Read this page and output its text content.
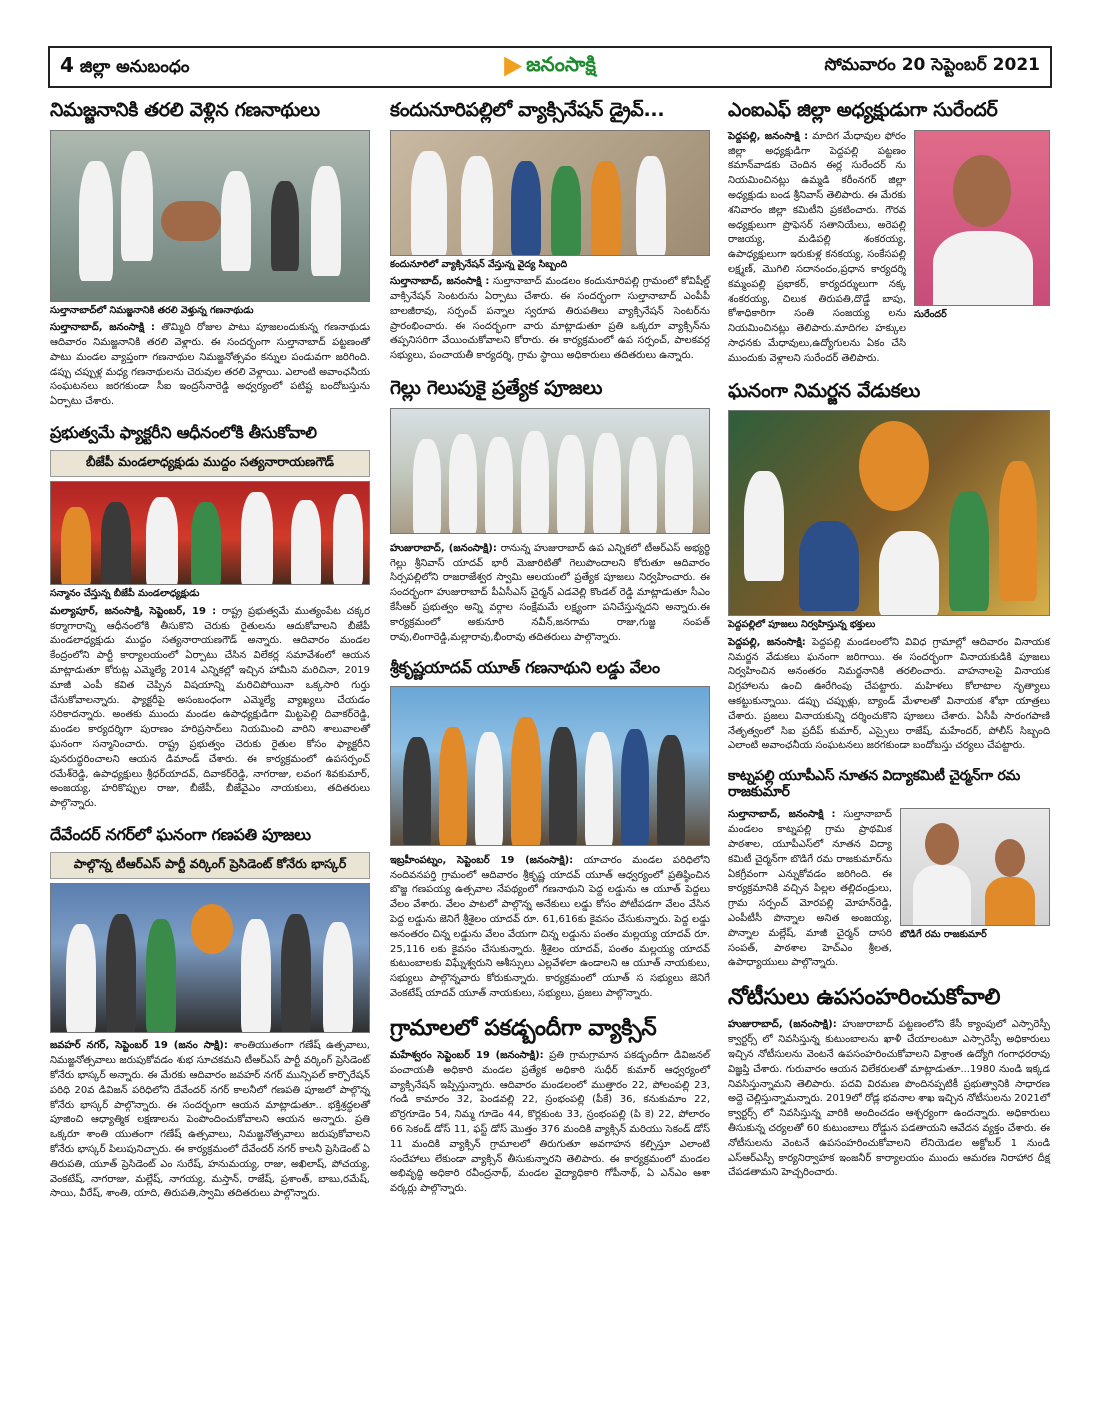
4 జిల్లా అనుబంధం	జనంసాక్షి	సోమవారం 20 సెప్టెంబర్ 2021
నిమజ్జనానికి తరలి వెళ్లిన గణనాథులు
సుల్తానాబాద్‌లో నిమజ్జనానికి తరలి వెళ్తున్న గణనాథుడు
సుల్తానాబాద్, జనంసాక్షి : తొమ్మిది రోజుల పాటు పూజలందుకున్న గణనాథుడు ఆదివారం నిమజ్జనానికి తరలి వెళ్లారు. ఈ సందర్భంగా సుల్తానాబాద్ పట్టణంతో పాటు మండల వ్యాప్తంగా గణనాథుల నిమజ్జనోత్సవం కన్నుల పండువగా జరిగింది. డప్పు చప్పుళ్ల మధ్య గణనాథులను చెరువుల తరలి వెళ్లాయి. ఎలాంటి అవాంఛనీయ సంఘటనలు జరగకుండా సీఐ ఇంద్రసేనారెడ్డి అధ్వర్యంలో పటిష్ట బందోబస్తును ఏర్పాటు చేశారు.
ప్రభుత్వమే ఫ్యాక్టరీని ఆధీనంలోకి తీసుకోవాలి
బీజేపీ మండలాధ్యక్షుడు ముద్దం సత్యనారాయణగౌడ్
సన్మానం చేస్తున్న బీజేపీ మండలాధ్యక్షుడు
మల్యాపూర్, జనంసాక్షి, సెప్టెంబర్, 19 : రాష్ట్ర ప్రభుత్వమే ముత్యంపేట చక్కర కర్మాగారాన్ని ఆధీనంలోకి తీసుకొని చెరుకు రైతులను ఆదుకోవాలని బీజేపీ మండలాధ్యక్షుడు ముద్దం సత్యనారాయణగౌడ్ అన్నారు. ఆదివారం మండల కేంద్రంలోని పార్టీ కార్యాలయంలో ఏర్పాటు చేసిన విలేకర్ల సమావేశంలో ఆయన మాట్లాడుతూ కోరుట్ల ఎమ్మెల్యే 2014 ఎన్నికల్లో ఇచ్చిన హామీని మరిచినా, 2019 మాజీ ఎంపీ కవిత చెప్పిన విషయాన్ని మరిచిపోయినా ఒక్కసారి గుర్తు చేసుకోవాలన్నారు. ఫ్యాక్టరీపై అసంబంధంగా ఎమ్మెల్యే వ్యాఖ్యలు చేయడం సరికాదన్నారు. అంతకు ముందు మండల ఉపాధ్యక్షుడిగా మిట్టపెల్లి దివాకర్‌రెడ్డి, మండల కార్యదర్శిగా పురాణం హరిప్రసాద్‌లు నియమించి వారిని శాలువాలతో ఘనంగా సన్మానించారు. రాష్ట్ర ప్రభుత్వం చెరుకు రైతుల కోసం ఫ్యాక్టరీని పునరుద్ధరించాలని ఆయన డిమాండ్ చేశారు. ఈ కార్యక్రమంలో ఉపసర్పంచ్ రమేశ్‌రెడ్డి, ఉపాధ్యక్షులు శ్రీధర్‌యాదవ్, దివాకర్‌రెడ్డి, నాగరాజు, లవంగ శివకుమార్, అంజయ్య, హరికొప్పుల రాజు, బీజేపీ, బీజేవైఎం నాయకులు, తదితరులు పాల్గొన్నారు.
దేవేందర్ నగర్‌లో ఘనంగా గణపతి పూజలు
పాల్గొన్న టీఆర్ఎస్ పార్టీ వర్కింగ్ ప్రెసిడెంట్ కోనేరు భాస్కర్
జవహర్ నగర్, సెప్టెంబర్ 19 (జనం సాక్షి): శాంతియుతంగా గణేష్ ఉత్సవాలు, నిమజ్జనోత్సవాలు జరుపుకోవడం శుభ సూచకమని టీఆర్ఎస్ పార్టీ వర్కింగ్ ప్రెసిడెంట్ కోనేరు భాస్కర్ అన్నారు. ఈ మేరకు ఆదివారం జవహర్ నగర్ మున్సిపల్ కార్పొరేషన్ పరిధి 20వ డివిజన్ పరిధిలోని దేవేందర్ నగర్ కాలనీలో గణపతి పూజలో పాల్గొన్న కోనేరు భాస్కర్ పాల్గొన్నారు. ఈ సందర్భంగా ఆయన మాట్లాడుతూ.. భక్తిశ్రద్ధలతో పూజించి ఆధ్యాత్మిక లక్షణాలను పెంపొందించుకోవాలని ఆయన అన్నారు. ప్రతి ఒక్కరూ శాంతి యుతంగా గణేష్ ఉత్సవాలు, నిమజ్జనోత్సవాలు జరుపుకోవాలని కోనేరు భాస్కర్ పిలుపునిచ్చారు. ఈ కార్యక్రమంలో దేవేందర్ నగర్ కాలనీ ప్రెసిడెంట్ ఏ తిరుపతి, యూత్ ప్రెసిడెంట్ ఎం సురేష్, హనుమయ్య, రాజు, అఖిలాష్, పోచయ్య, వెంకటేష్, నాగరాజు, మల్లేష్, నాగయ్య, మస్తాన్, రాజేష్, ప్రశాంత్, బాబు,రమేష్, సాయి, వీరేష్, శాంతి, యాది, తిరుపతి,స్వామి తదితరులు పాల్గొన్నారు.
కందునూరిపల్లిలో వ్యాక్సినేషన్ డ్రైవ్...
కందునూరిలో వ్యాక్సినేషన్ వేస్తున్న వైద్య సిబ్బంది
సుల్తానాబాద్, జనంసాక్షి : సుల్తానాబాద్ మండలం కందునూరిపల్లి గ్రామంలో కోవిషీల్డ్ వాక్సినేషన్ సెంటరును ఏర్పాటు చేశారు. ఈ సందర్భంగా సుల్తానాబాద్ ఎంపీపీ బాలజీరావు, సర్పంచ్ పన్నాల స్వరూప తిరుపతిలు వ్యాక్సినేషన్ సెంటర్‌ను ప్రారంభించారు. ఈ సందర్భంగా వారు మాట్లాడుతూ ప్రతి ఒక్కరూ వ్యాక్సిన్‌ను తప్పనిసరిగా వేయించుకోవాలని కోరారు. ఈ కార్యక్రమంలో ఉప సర్పంచ్, పాలకవర్గ సభ్యులు, పంచాయతీ కార్యదర్శి, గ్రామ స్థాయి అధికారులు తదితరులు ఉన్నారు.
గెల్లు గెలుపుకై ప్రత్యేక పూజలు
హుజురాబాద్, (జనంసాక్షి): రానున్న హుజురాబాద్ ఉప ఎన్నికలో టీఆర్ఎస్ అభ్యర్థి గెల్లు శ్రీనివాస్ యాదవ్ భారీ మెజారిటితో గెలుపొందాలని కోరుతూ ఆదివారం సిర్సపల్లిలోని రాజరాజేశ్వర స్వామి ఆలయంలో ప్రత్యేక పూజలు నిర్వహించారు. ఈ సందర్భంగా హుజురాబాద్ పీఏసీఎస్ చైర్మన్ ఎడవెల్లి కొండల్ రెడ్డి మాట్లాడుతూ సీఎం కేసీఆర్ ప్రభుత్వం అన్ని వర్గాల సంక్షేమమే లక్ష్యంగా పనిచేస్తున్నదని అన్నారు.ఈ కార్యక్రమంలో అకునూరి నవీన్,జనగామ రాజు,గుజ్జ సంపత్ రావు,లింగారెడ్డి,మల్లారావు,భీంరావు తదితరులు పాల్గొన్నారు.
శ్రీకృష్ణయాదవ్ యూత్ గణనాథుని లడ్డు వేలం
ఇబ్రహీంపట్నం, సెప్టెంబర్ 19 (జనంసాక్షి): యాచారం మండల పరిధిలోని నందివనపర్తి గ్రామంలో ఆదివారం శ్రీకృష్ణ యాదవ్ యూత్ ఆధ్వర్యంలో ప్రతిష్ఠించిన బొజ్జ గణపయ్య ఉత్సవాల నేపథ్యంలో గణనాథుని పెద్ద లడ్డును ఆ యూత్ పెద్దలు వేలం వేశారు. వేలం పాటలో పాల్గొన్న అనేకులు లడ్డు కోసం పోటీపడగా వేలం వేసిన పెద్ద లడ్డును జెనిగే శ్రీశైలం యాదవ్ రూ. 61,616కు కైవసం చేసుకున్నారు. పెద్ద లడ్డు అనంతరం చిన్న లడ్డును వేలం వేయగా చిన్న లడ్డును పంతం మల్లయ్య యాదవ్ రూ. 25,116 లకు కైవసం చేసుకున్నారు. శ్రీశైలం యాదవ్, పంతం మల్లయ్య యాదవ్ కుటుంబాలకు విఘ్నేశ్వరుని ఆశీస్సులు ఎల్లవేళలా ఉండాలని ఆ యూత్ నాయకులు, సభ్యులు పాల్గొన్నవారు కోరుకున్నారు. కార్యక్రమంలో యూత్ స సభ్యులు జెనిగే వెంకటేష్ యాదవ్ యూత్ నాయకులు, సభ్యులు, ప్రజలు పాల్గొన్నారు.
గ్రామాలలో పకడ్బందీగా వ్యాక్సిన్
మహేశ్వరం సెప్టెంబర్ 19 (జనంసాక్షి): ప్రతి గ్రామగ్రామాన పకడ్బందీగా డివిజనల్ పంచాయతీ అధికారి మండల ప్రత్యేక అధికారి సుధీర్ కుమార్ ఆధ్వర్యంలో వ్యాక్సినేషన్ ఇప్పిస్తున్నారు. ఆదివారం మండలంలో ముత్తారం 22, పోలంపల్లి 23, గండి కామారం 32, పెండవల్లి 22, స్రంభంపల్లి (పీకే) 36, కనుకుమాం 22, బొర్రగూడెం 54, నిమ్మ గూడెం 44, కొర్లకుంట 33, స్రంభంపల్లి (పి కె) 22, పోలారం 66 సెకండ్ డోస్ 11, ఫస్ట్ డోస్ మొత్తం 376 మందికి వ్యాక్సిన్ మరియు సెకండ్ డోస్ 11 మందికి వ్యాక్సిన్ గ్రామాలలో తిరుగుతూ అవగాహన కల్పిస్తూ ఎలాంటి సందేహాలు లేకుండా వ్యాక్సిన్ తీసుకున్నారని తెలిపారు. ఈ కార్యక్రమంలో మండల అభివృద్ధి అధికారి రవీంద్రనాథ్, మండల వైద్యాధికారి గోపీనాథ్, ఏ ఎన్ఎం ఆశా వర్కర్లు పాల్గొన్నారు.
ఎంఐఎఫ్ జిల్లా అధ్యక్షుడుగా సురేందర్
పెద్దపల్లి, జనంసాక్షి : మాదిగ మేధావుల ఫోరం జిల్లా అధ్యక్షుడిగా పెద్దపల్లి పట్టణం కమాన్‌వాడకు చెందిన ఈర్ల సురేందర్ ను నియమించినట్లు ఉమ్మడి కరీంనగర్ జిల్లా అధ్యక్షుడు బండ శ్రీనివాస్ తెలిపారు. ఈ మేరకు శనివారం జిల్లా కమిటీని ప్రకటించారు. గౌరవ అధ్యక్షులుగా ప్రొఫెసర్ సతానియేలు, అరెపల్లి రాజయ్య, మడిపల్లి శంకరయ్య, ఉపాధ్యక్షులుగా ఇరుకుళ్ల కనకయ్య, సంకేసపల్లి లక్ష్మణ్, మొగిలి సదానందం,ప్రధాన కార్యదర్శి కమ్మంపల్లి ప్రభాకర్, కార్యదర్శులుగా నక్క శంకరయ్య, చిలుక తిరుపతి,దొడ్డే బాపు, కోశాధికారిగా సంతి సంజయ్య లను నియమించినట్లు తెలిపారు.మాదిగల హక్కుల సాధనకు మేధావులు,ఉద్యోగులను ఏకం చేసి ముందుకు వెళ్లాలని సురేందర్ తెలిపారు.
సురేందర్
ఘనంగా నిమర్జన వేడుకలు
పెద్దపల్లిలో పూజలు నిర్వహిస్తున్న భక్తులు
పెద్దపల్లి, జనంసాక్షి: పెద్దపల్లి మండలంలోని వివిధ గ్రామాల్లో ఆదివారం వినాయక నిమర్జన వేడుకలు ఘనంగా జరిగాయి. ఈ సందర్భంగా వినాయకుడికి పూజలు నిర్వహించిన అనంతరం నిమర్జనానికి తరలించారు. వాహనాలపై వినాయక విగ్రహాలను ఉంచి ఊరేగింపు చేపట్టారు. మహిళలు కోలాటాల నృత్యాలు ఆకట్టుకున్నాయి. డప్పు చప్పుళ్లు, బ్యాండ్ మేళాలతో వినాయక శోభా యాత్రలు చేశారు. ప్రజలు వినాయకున్ని దర్శించుకొని పూజలు చేశారు. ఏసీపీ సారంగపాణి నేతృత్వంలో సిఐ ప్రదీప్ కుమార్, ఎస్సైలు రాజేష్, మహేందర్, పోలీస్ సిబ్బంది ఎలాంటి అవాంఛనీయ సంఘటనలు జరగకుండా బందోబస్తు చర్యలు చేపట్టారు.
కాట్నపల్లి యూపీఎస్ నూతన విద్యాకమిటీ చైర్మన్‌గా రమ రాజకుమార్
సుల్తానాబాద్, జనంసాక్షి : సుల్తానాబాద్ మండలం కాట్నపల్లి గ్రామ ప్రాథమిక పాఠశాల, యూపీఎస్‌లో నూతన విద్యా కమిటీ చైర్మన్‌గా బొడిగే రమ రాజకుమార్‌ను ఏకగ్రీవంగా ఎన్నుకోవడం జరిగింది. ఈ కార్యక్రమానికి వచ్చిన పిల్లల తల్లిదండ్రులు, గ్రామ సర్పంచ్ మోరపల్లి మోహన్‌రెడ్డి, ఎంపీటీసీ పొన్నాల అనిత అంజయ్య, పొన్నాల మల్లేష్, మాజీ చైర్మన్ దాసరి సంపత్, పాఠశాల హెచ్ఎం శ్రీలత, ఉపాధ్యాయులు పాల్గొన్నారు.
బొడిగే రమ రాజకుమార్
నోటీసులు ఉపసంహరించుకోవాలి
హుజురాబాద్, (జనంసాక్షి): హుజురాబాద్ పట్టణంలోని కేసీ క్యాంపులో ఎస్సారెస్పీ క్వార్టర్స్ లో నివసిస్తున్న కుటుంబాలను ఖాళీ చేయాలంటూ ఎస్సారెస్పీ అధికారులు ఇచ్చిన నోటీసులను వెంటనే ఉపసంహరించుకోవాలని విశ్రాంత ఉద్యోగి గంగాధరరావు విజ్ఞప్తి చేశారు. గురువారం ఆయన విలేకరులతో మాట్లాడుతూ...1980 నుండి ఇక్కడ నివసిస్తున్నామని తెలిపారు. పదవి విరమణ పొందినప్పటికీ ప్రభుత్వానికి సాధారణ అద్దె చెల్లిస్తున్నామన్నారు. 2019లో రోడ్ల భవనాల శాఖ ఇచ్చిన నోటీసులను 2021లో క్వార్టర్స్ లో నివసిస్తున్న వారికి అందించడం ఆశ్చర్యంగా ఉందన్నారు. అధికారులు తీసుకున్న చర్యలతో 60 కుటుంబాలు రోడ్డున పడతాయని ఆవేదన వ్యక్తం చేశారు. ఈ నోటీసులను వెంటనే ఉపసంహరించుకోవాలని లేనియెడల అక్టోబర్ 1 నుండి ఎస్ఆర్ఎస్పీ కార్యనిర్వాహక ఇంజనీర్ కార్యాలయం ముందు ఆమరణ నిరాహార దీక్ష చేపడతామని హెచ్చరించారు.
